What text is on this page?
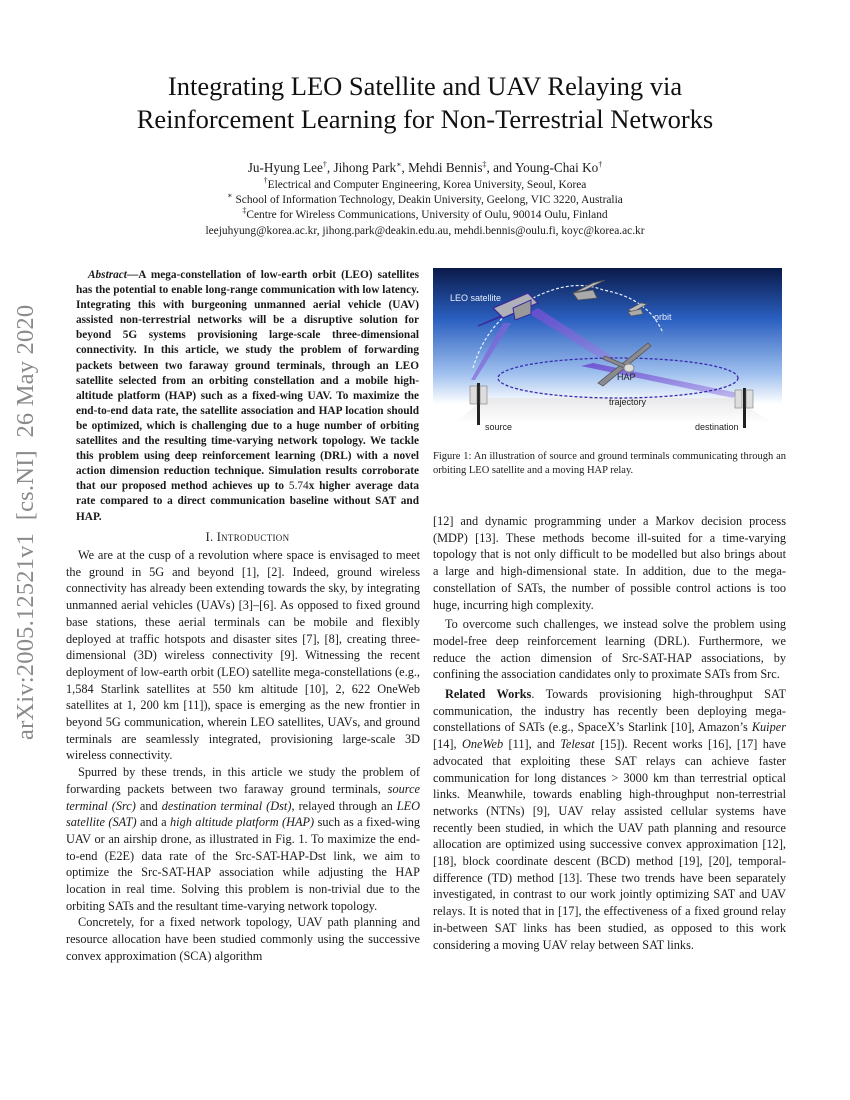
arXiv:2005.12521v1  [cs.NI]  26 May 2020
Integrating LEO Satellite and UAV Relaying via
Reinforcement Learning for Non-Terrestrial Networks
Ju-Hyung Lee†, Jihong Park∗, Mehdi Bennis‡, and Young-Chai Ko†
†Electrical and Computer Engineering, Korea University, Seoul, Korea
∗ School of Information Technology, Deakin University, Geelong, VIC 3220, Australia
‡Centre for Wireless Communications, University of Oulu, 90014 Oulu, Finland
leejuhyung@korea.ac.kr, jihong.park@deakin.edu.au, mehdi.bennis@oulu.fi, koyc@korea.ac.kr

Abstract—A mega-constellation of low-earth orbit (LEO) satellites has the potential to enable long-range communication with low latency. Integrating this with burgeoning unmanned aerial vehicle (UAV) assisted non-terrestrial networks will be a disruptive solution for beyond 5G systems provisioning large-scale three-dimensional connectivity. In this article, we study the problem of forwarding packets between two faraway ground terminals, through an LEO satellite selected from an orbiting constellation and a mobile high-altitude platform (HAP) such as a fixed-wing UAV. To maximize the end-to-end data rate, the satellite association and HAP location should be optimized, which is challenging due to a huge number of orbiting satellites and the resulting time-varying network topology. We tackle this problem using deep reinforcement learning (DRL) with a novel action dimension reduction technique. Simulation results corroborate that our proposed method achieves up to 5.74x higher average data rate compared to a direct communication baseline without SAT and HAP.

I. Introduction

We are at the cusp of a revolution where space is envisaged to meet the ground in 5G and beyond [1], [2]. Indeed, ground wireless connectivity has already been extending towards the sky, by integrating unmanned aerial vehicles (UAVs) [3]–[6]. As opposed to fixed ground base stations, these aerial terminals can be mobile and flexibly deployed at traffic hotspots and disaster sites [7], [8], creating three-dimensional (3D) wireless connectivity [9]. Witnessing the recent deployment of low-earth orbit (LEO) satellite mega-constellations (e.g., 1,584 Starlink satellites at 550 km altitude [10], 2, 622 OneWeb satellites at 1, 200 km [11]), space is emerging as the new frontier in beyond 5G communication, wherein LEO satellites, UAVs, and ground terminals are seamlessly integrated, provisioning large-scale 3D wireless connectivity.

Spurred by these trends, in this article we study the problem of forwarding packets between two faraway ground terminals, source terminal (Src) and destination terminal (Dst), relayed through an LEO satellite (SAT) and a high altitude platform (HAP) such as a fixed-wing UAV or an airship drone, as illustrated in Fig. 1. To maximize the end-to-end (E2E) data rate of the Src-SAT-HAP-Dst link, we aim to optimize the Src-SAT-HAP association while adjusting the HAP location in real time. Solving this problem is non-trivial due to the orbiting SATs and the resultant time-varying network topology.

Concretely, for a fixed network topology, UAV path planning and resource allocation have been studied commonly using the successive convex approximation (SCA) algorithm

LEO satellite
orbit
HAP
trajectory
source	destination
Figure 1: An illustration of source and ground terminals communicating through an orbiting LEO satellite and a moving HAP relay.

[12] and dynamic programming under a Markov decision process (MDP) [13]. These methods become ill-suited for a time-varying topology that is not only difficult to be modelled but also brings about a large and high-dimensional state. In addition, due to the mega-constellation of SATs, the number of possible control actions is too huge, incurring high complexity.

To overcome such challenges, we instead solve the problem using model-free deep reinforcement learning (DRL). Furthermore, we reduce the action dimension of Src-SAT-HAP associations, by confining the association candidates only to proximate SATs from Src.

Related Works. Towards provisioning high-throughput SAT communication, the industry has recently been deploying mega-constellations of SATs (e.g., SpaceX’s Starlink [10], Amazon’s Kuiper [14], OneWeb [11], and Telesat [15]). Recent works [16], [17] have advocated that exploiting these SAT relays can achieve faster communication for long distances > 3000 km than terrestrial optical links. Meanwhile, towards enabling high-throughput non-terrestrial networks (NTNs) [9], UAV relay assisted cellular systems have recently been studied, in which the UAV path planning and resource allocation are optimized using successive convex approximation [12], [18], block coordinate descent (BCD) method [19], [20], temporal-difference (TD) method [13]. These two trends have been separately investigated, in contrast to our work jointly optimizing SAT and UAV relays. It is noted that in [17], the effectiveness of a fixed ground relay in-between SAT links has been studied, as opposed to this work considering a moving UAV relay between SAT links.
